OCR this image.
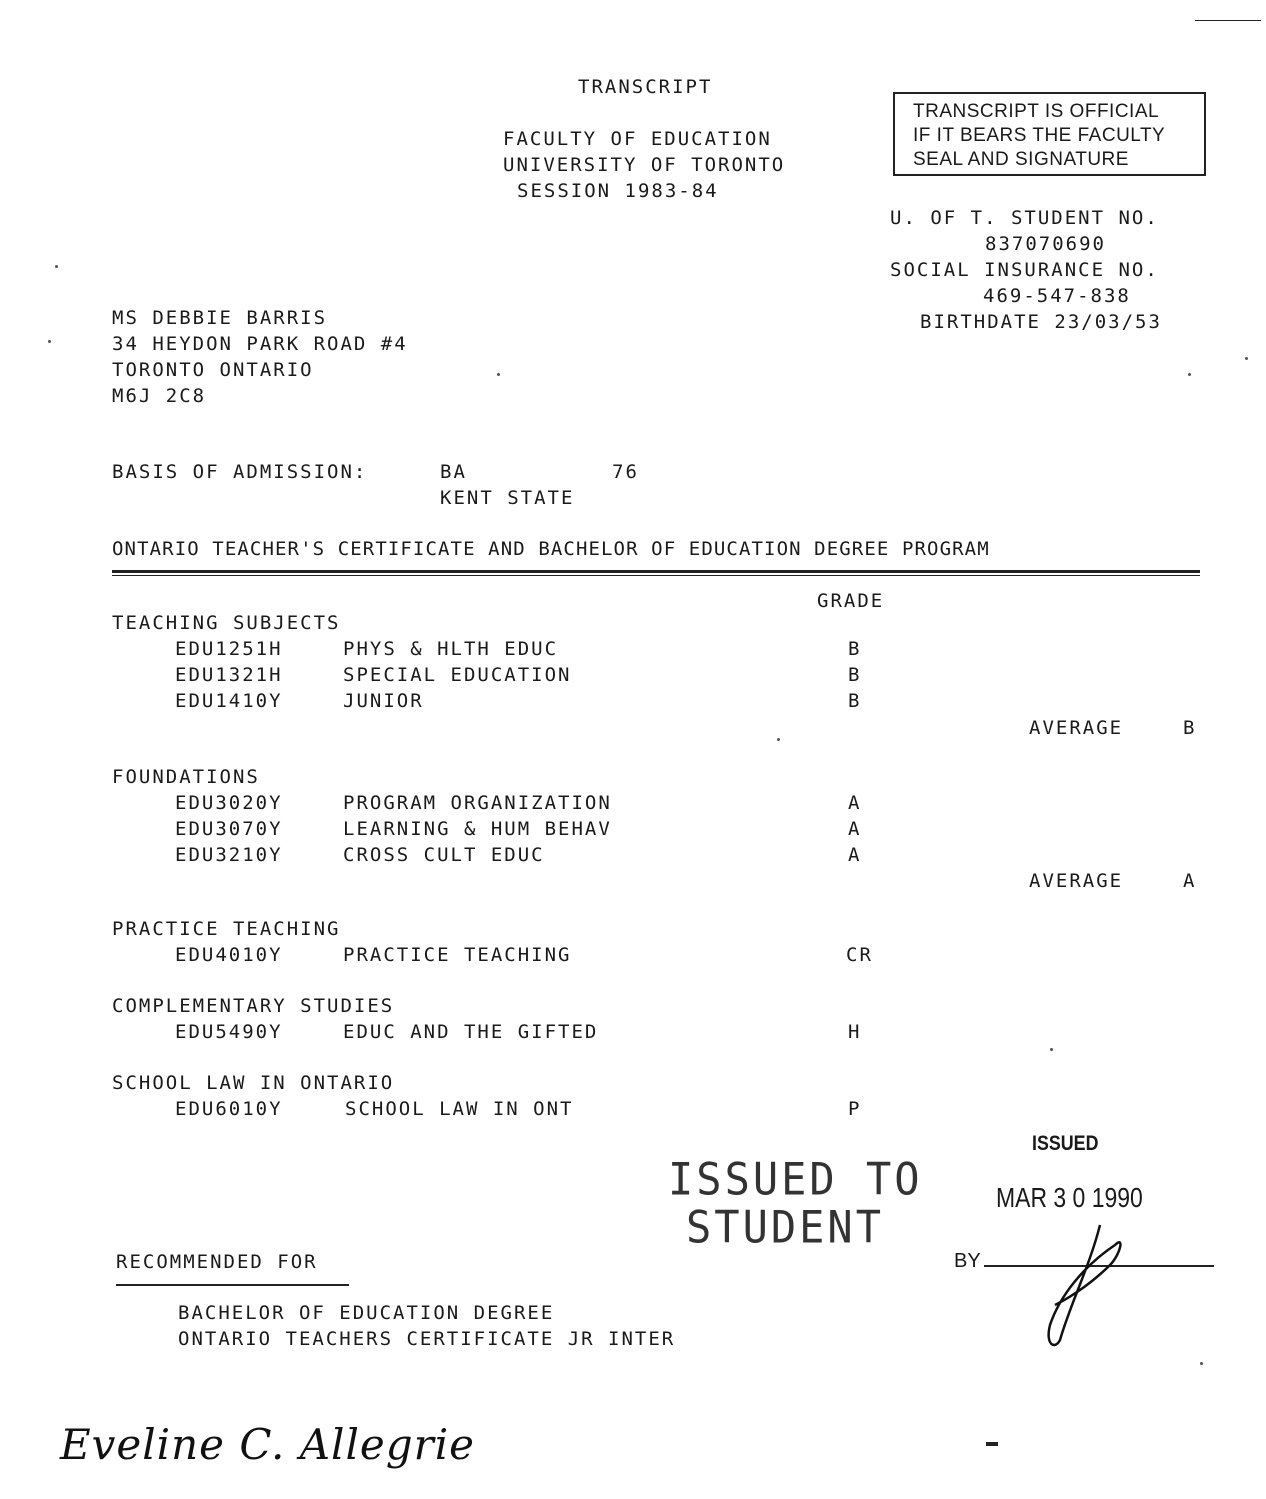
TRANSCRIPT
FACULTY OF EDUCATION
UNIVERSITY OF TORONTO
SESSION 1983-84
TRANSCRIPT IS OFFICIAL
IF IT BEARS THE FACULTY
SEAL AND SIGNATURE
U. OF T. STUDENT NO.
837070690
SOCIAL INSURANCE NO.
469-547-838
BIRTHDATE 23/03/53
MS DEBBIE BARRIS
34 HEYDON PARK ROAD #4
TORONTO ONTARIO
M6J 2C8
BASIS OF ADMISSION:	BA	76
KENT STATE
ONTARIO TEACHER'S CERTIFICATE AND BACHELOR OF EDUCATION DEGREE PROGRAM
GRADE
TEACHING SUBJECTS
EDU1251H	PHYS & HLTH EDUC	B
EDU1321H	SPECIAL EDUCATION	B
EDU1410Y	JUNIOR	B
AVERAGE	B
FOUNDATIONS
EDU3020Y	PROGRAM ORGANIZATION	A
EDU3070Y	LEARNING & HUM BEHAV	A
EDU3210Y	CROSS CULT EDUC	A
AVERAGE	A
PRACTICE TEACHING
EDU4010Y	PRACTICE TEACHING	CR
COMPLEMENTARY STUDIES
EDU5490Y	EDUC AND THE GIFTED	H
SCHOOL LAW IN ONTARIO
EDU6010Y	SCHOOL LAW IN ONT	P
ISSUED TO
STUDENT
ISSUED
MAR 3 0 1990
BY
RECOMMENDED FOR
BACHELOR OF EDUCATION DEGREE
ONTARIO TEACHERS CERTIFICATE JR INTER
Eveline C. Allegrie
